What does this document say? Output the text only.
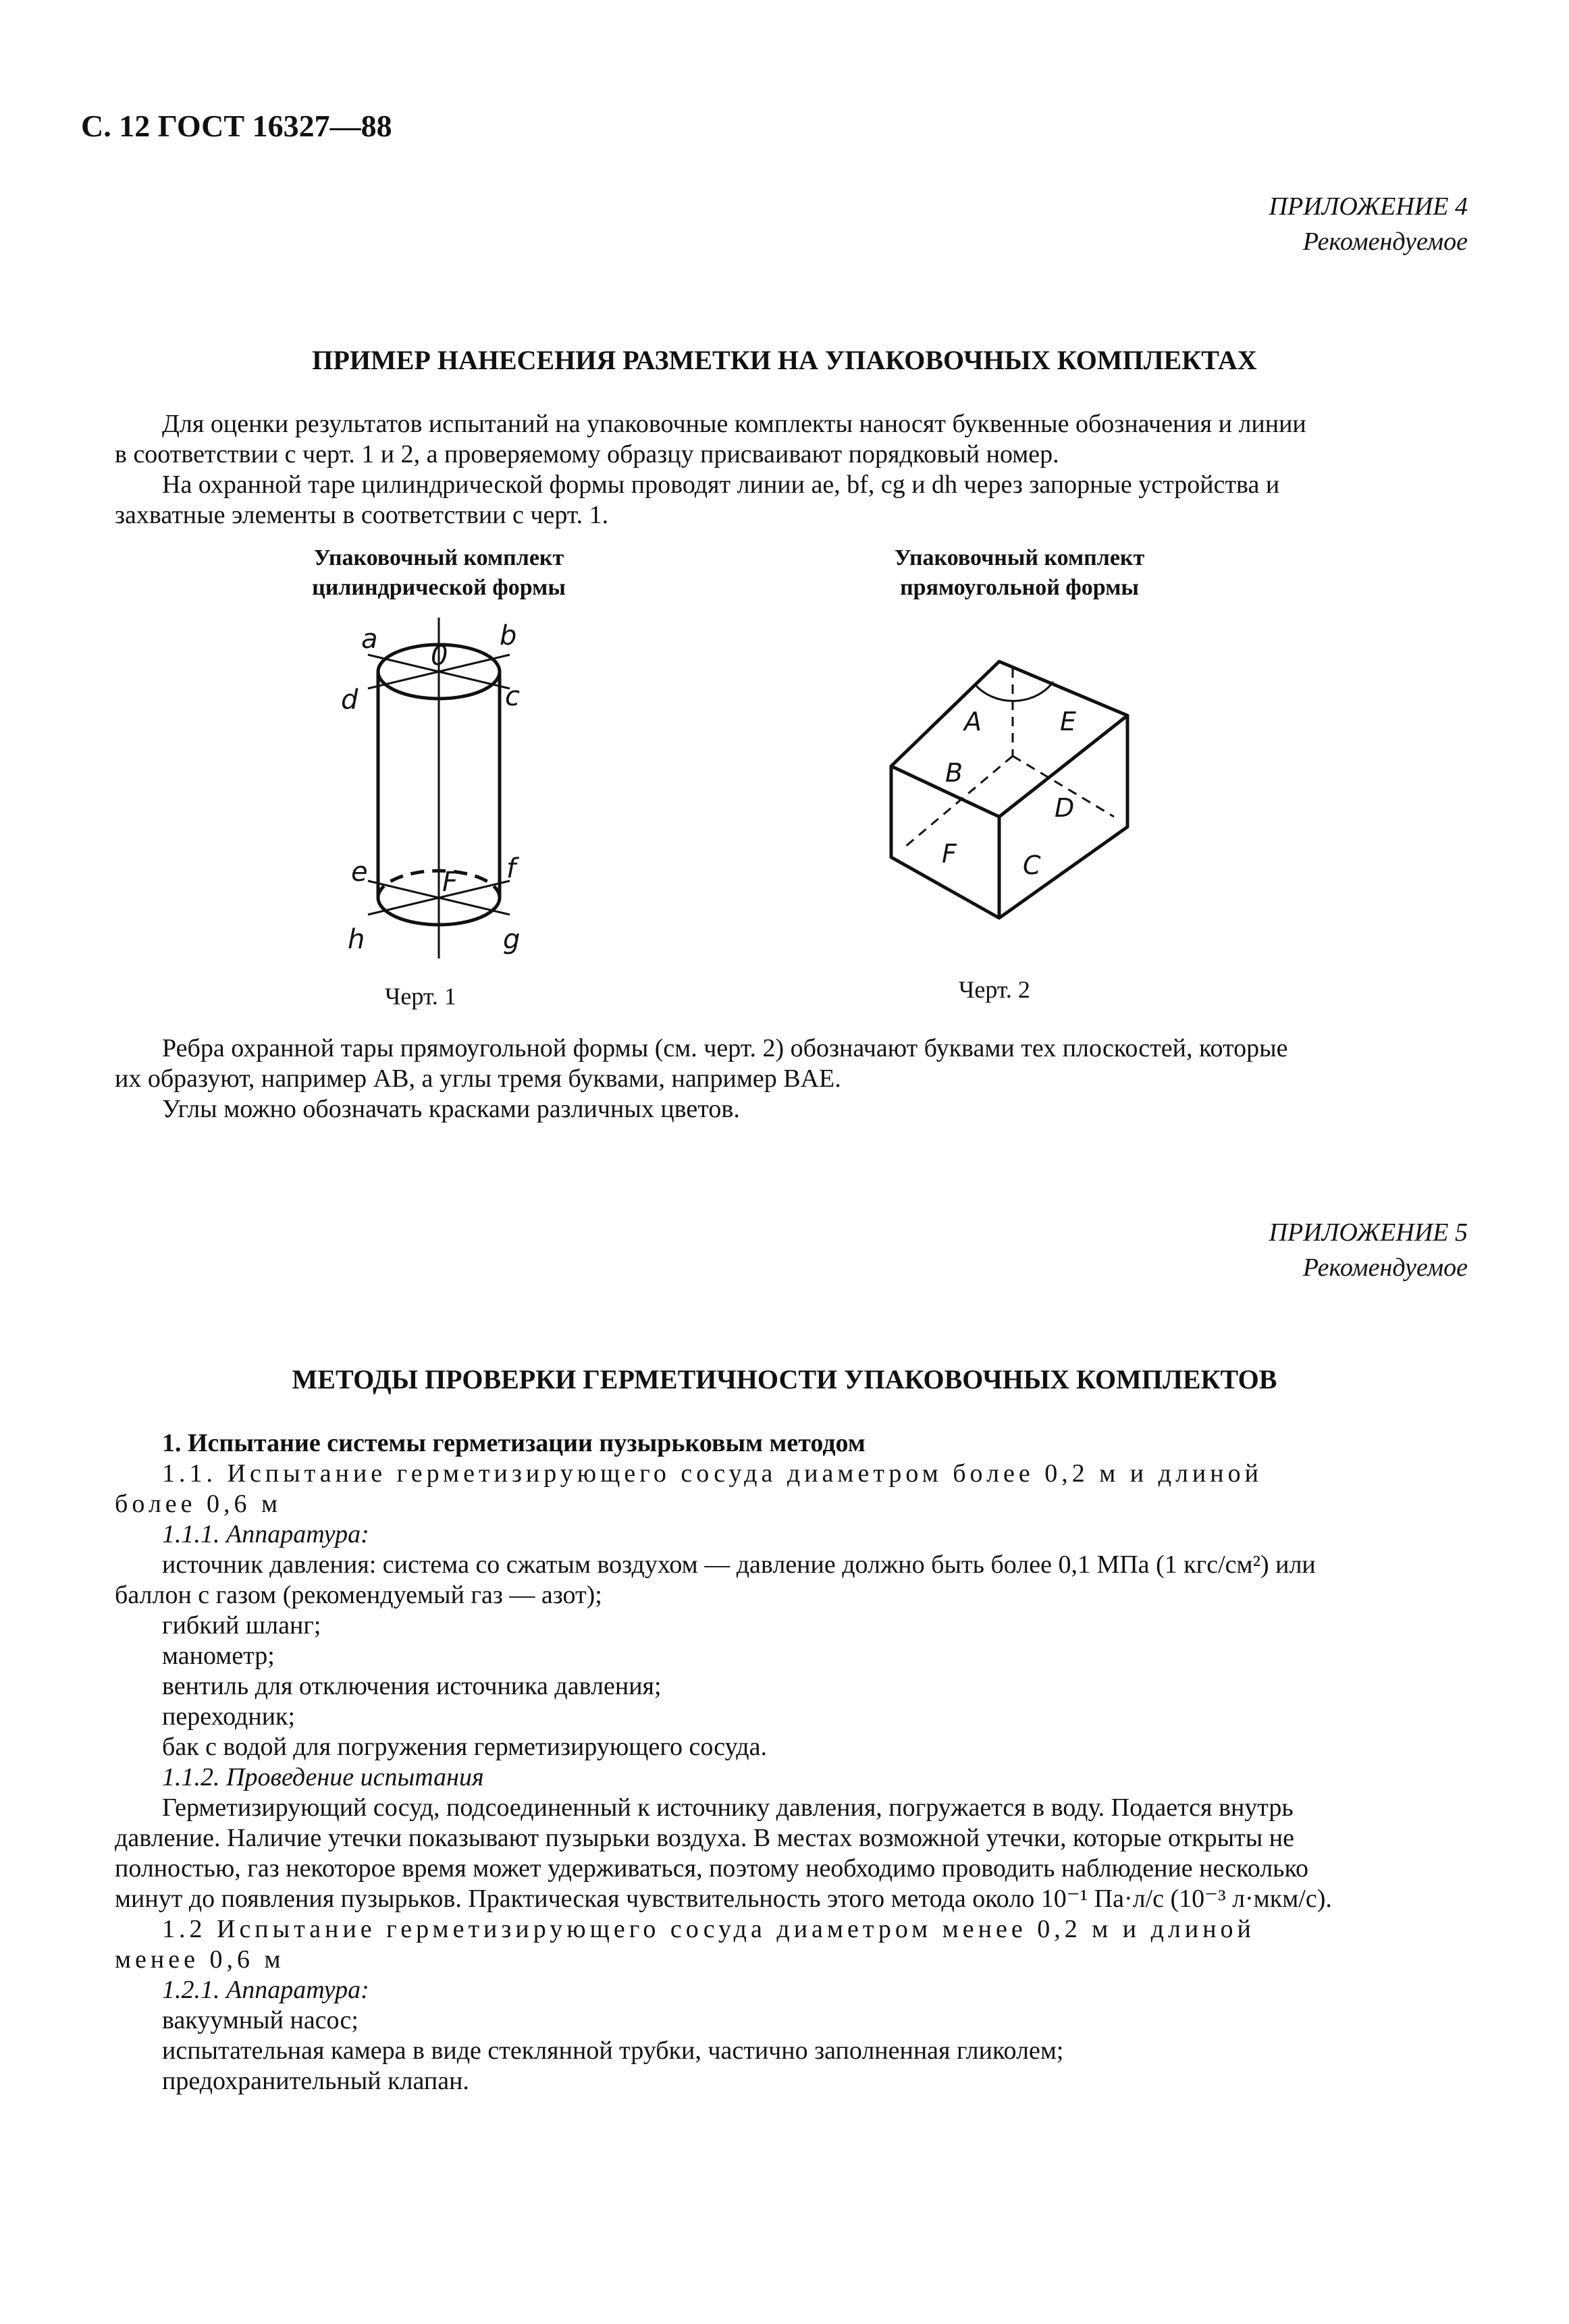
С. 12 ГОСТ 16327—88
ПРИЛОЖЕНИЕ 4
Рекомендуемое
ПРИМЕР НАНЕСЕНИЯ РАЗМЕТКИ НА УПАКОВОЧНЫХ КОМПЛЕКТАХ
Для оценки результатов испытаний на упаковочные комплекты наносят буквенные обозначения и линии
в соответствии с черт. 1 и 2, а проверяемому образцу присваивают порядковый номер.
На охранной таре цилиндрической формы проводят линии ae, bf, cg и dh через запорные устройства и
захватные элементы в соответствии с черт. 1.
Упаковочный комплект
цилиндрической формы
a
0
b
d	c
e	F f
h	g
Черт. 1
Упаковочный комплект
прямоугольной формы
A	E
B
D
F	C
Черт. 2
Ребра охранной тары прямоугольной формы (см. черт. 2) обозначают буквами тех плоскостей, которые
их образуют, например AB, а углы тремя буквами, например BAE.
Углы можно обозначать красками различных цветов.
ПРИЛОЖЕНИЕ 5
Рекомендуемое
МЕТОДЫ ПРОВЕРКИ ГЕРМЕТИЧНОСТИ УПАКОВОЧНЫХ КОМПЛЕКТОВ
1. Испытание системы герметизации пузырьковым методом
1.1. Испытание герметизирующего сосуда диаметром более 0,2 м и длиной
более 0,6 м
1.1.1. Аппаратура:
источник давления: система со сжатым воздухом — давление должно быть более 0,1 МПа (1 кгс/см²) или
баллон с газом (рекомендуемый газ — азот);
гибкий шланг;
манометр;
вентиль для отключения источника давления;
переходник;
бак с водой для погружения герметизирующего сосуда.
1.1.2. Проведение испытания
Герметизирующий сосуд, подсоединенный к источнику давления, погружается в воду. Подается внутрь
давление. Наличие утечки показывают пузырьки воздуха. В местах возможной утечки, которые открыты не
полностью, газ некоторое время может удерживаться, поэтому необходимо проводить наблюдение несколько
минут до появления пузырьков. Практическая чувствительность этого метода около 10⁻¹ Па·л/с (10⁻³ л·мкм/с).
1.2 Испытание герметизирующего сосуда диаметром менее 0,2 м и длиной
менее 0,6 м
1.2.1. Аппаратура:
вакуумный насос;
испытательная камера в виде стеклянной трубки, частично заполненная гликолем;
предохранительный клапан.
